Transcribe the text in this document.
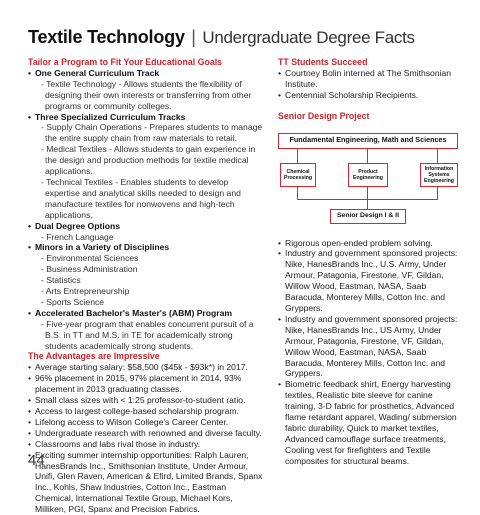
Textile Technology | Undergraduate Degree Facts

Tailor a Program to Fit Your Educational Goals

• One General Curriculum Track

- Textile Technology - Allows students the flexibility of designing their own interests or transferring from other programs or community colleges.

• Three Specialized Curriculum Tracks

- Supply Chain Operations - Prepares students to manage the entire supply chain from raw materials to retail.

- Medical Textiles - Allows students to gain experience in the design and production methods for textile medical applications.

- Technical Textiles - Enables students to develop expertise and analytical skills needed to design and manufacture textiles for nonwovens and high-tech applications.

• Dual Degree Options

- French Language

• Minors in a Variety of Disciplines

- Environmental Sciences

- Business Administration

- Statistics

- Arts Entrepreneurship

- Sports Science

• Accelerated Bachelor's Master's (ABM) Program

- Five-year program that enables concurrent pursuit of a B.S. in TT and M.S. in TE for academically strong students academically strong students.

The Advantages are Impressive

• Average starting salary: $58,500 ($45k - $93k*) in 2017.

• 96% placement in 2015, 97% placement in 2014, 93% placement in 2013 graduating classes.

• Small class sizes with < 1:25 professor-to-student ratio.

• Access to largest college-based scholarship program.

• Lifelong access to Wilson College's Career Center.

• Undergraduate research with renowned and diverse faculty.

• Classrooms and labs rival those in industry.

• Exciting summer internship opportunities: Ralph Lauren, HanesBrands Inc., Smithsonian Institute, Under Armour, Unifi, Glen Raven, American & Efird, Limited Brands, Spanx Inc., Kohls, Shaw Industries, Cotton Inc., Eastman Chemical, International Textile Group, Michael Kors, Milliken, PGI, Spanx and Precision Fabrics.

TT Students Succeed

• Courtney Bolin interned at The Smithsonian Institute.

• Centennial Scholarship Recipients.

Senior Design Project

Fundamental Engineering, Math and Sciences
Chemical Processing
Product Engineering
Information Systems Engineering
Senior Design I & II

• Rigorous open-ended problem solving.

• Industry and government sponsored projects: Nike, HanesBrands Inc., U.S. Army, Under Armour, Patagonia, Firestone, VF, Gildan, Willow Wood, Eastman, NASA, Saab Baracuda, Monterey Mills, Cotton Inc. and Gryppers.

• Industry and government sponsored projects: Nike, HanesBrands Inc., US Army, Under Armour, Patagonia, Firestone, VF, Gildan, Willow Wood, Eastman, NASA, Saab Baracuda, Monterey Mills, Cotton Inc. and Gryppers.

• Biometric feedback shirt, Energy harvesting textiles, Realistic bite sleeve for canine training, 3-D fabric for prosthetics, Advanced flame retardant apparel, Wading/ submersion fabric durability, Quick to market textiles, Advanced camouflage surface treatments, Cooling vest for firefighters and Textile composites for structural beams.

44
